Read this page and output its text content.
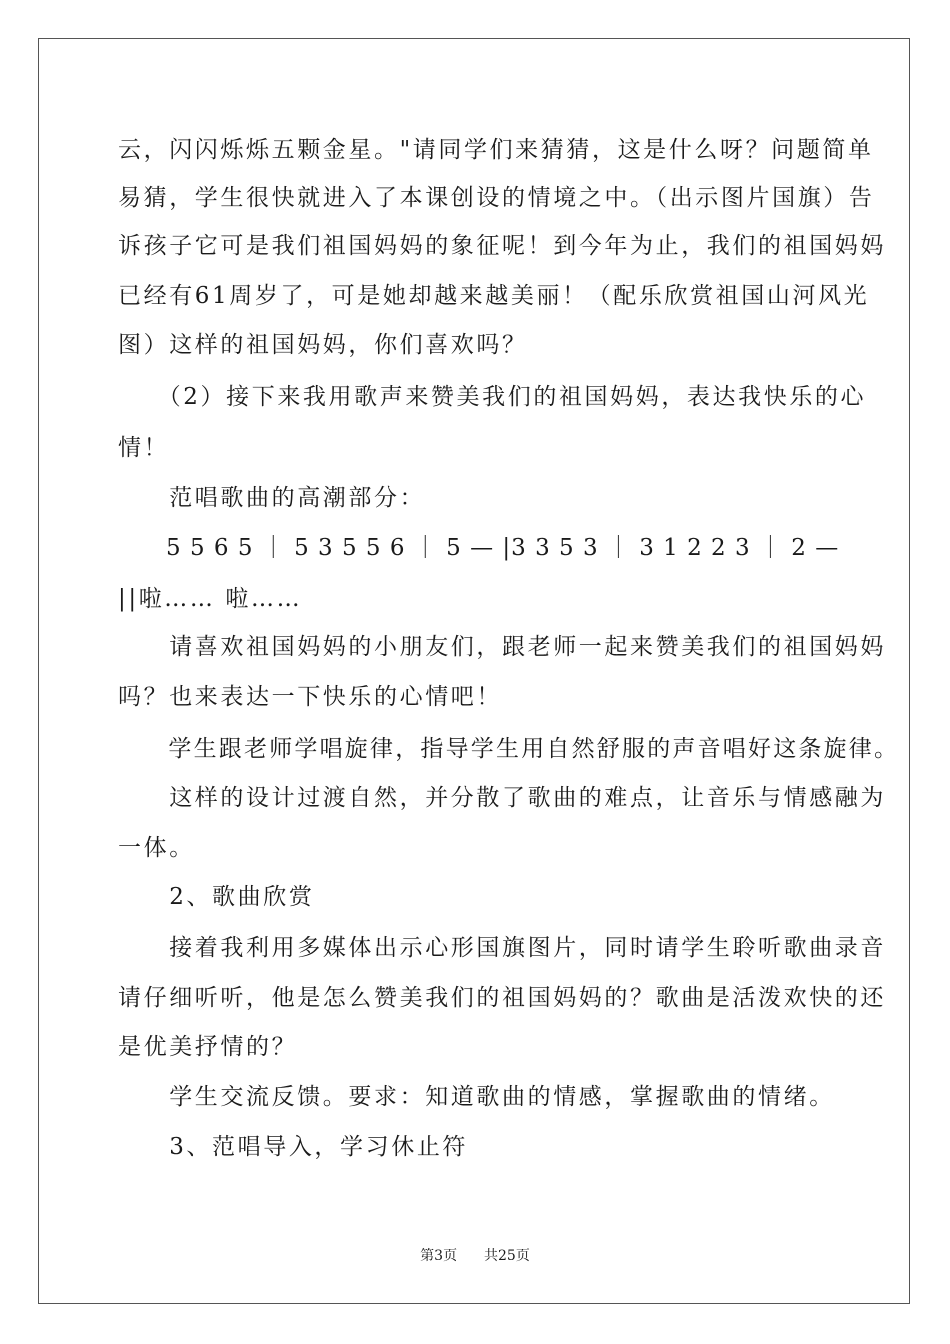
云，闪闪烁烁五颗金星。"请同学们来猜猜，这是什么呀？问题简单
易猜，学生很快就进入了本课创设的情境之中。（出示图片国旗）告
诉孩子它可是我们祖国妈妈的象征呢！到今年为止，我们的祖国妈妈
已经有61周岁了，可是她却越来越美丽！（配乐欣赏祖国山河风光
图）这样的祖国妈妈，你们喜欢吗？
　　（2）接下来我用歌声来赞美我们的祖国妈妈，表达我快乐的心
情！
　　范唱歌曲的高潮部分：
　　5 5 6 5 ｜ 5 3 5 5 6 ｜ 5 — |3 3 5 3 ｜ 3 1 2 2 3 ｜ 2 —
||啦…… 啦……
　　请喜欢祖国妈妈的小朋友们，跟老师一起来赞美我们的祖国妈妈
吗？也来表达一下快乐的心情吧！
　　学生跟老师学唱旋律，指导学生用自然舒服的声音唱好这条旋律。
　　这样的设计过渡自然，并分散了歌曲的难点，让音乐与情感融为
一体。
　　2、歌曲欣赏
　　接着我利用多媒体出示心形国旗图片，同时请学生聆听歌曲录音
请仔细听听，他是怎么赞美我们的祖国妈妈的？歌曲是活泼欢快的还
是优美抒情的？
　　学生交流反馈。要求：知道歌曲的情感，掌握歌曲的情绪。
　　3、范唱导入，学习休止符
第3页 共25页
